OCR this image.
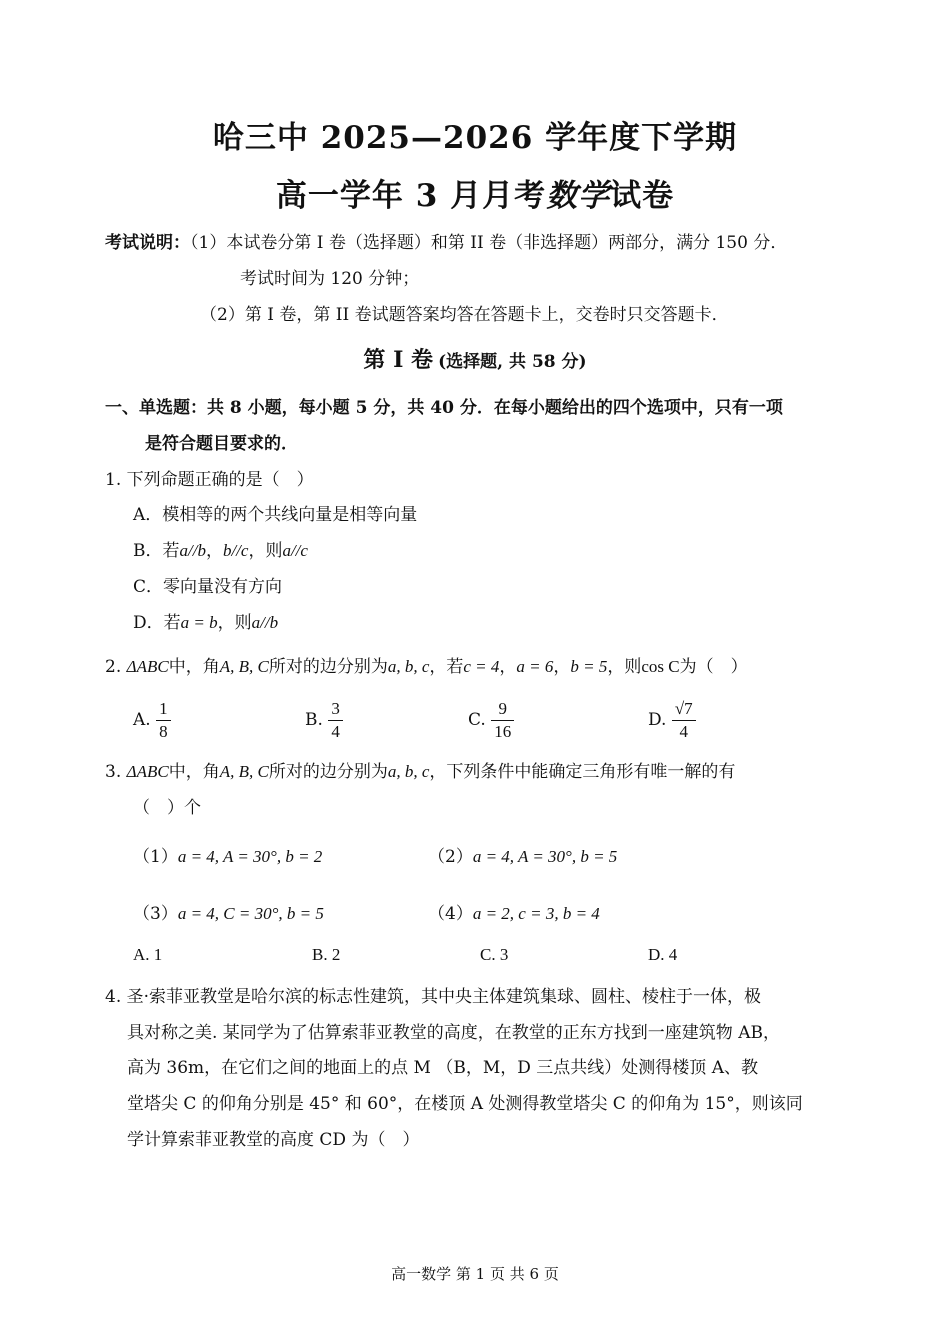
哈三中 2025—2026 学年度下学期
高一学年 3 月月考数学试卷
考试说明：（1）本试卷分第 I 卷（选择题）和第 II 卷（非选择题）两部分，满分 150 分．
考试时间为 120 分钟；
（2）第 I 卷，第 II 卷试题答案均答在答题卡上，交卷时只交答题卡．
第 I 卷 (选择题, 共 58 分)
一、单选题：共 8 小题，每小题 5 分，共 40 分．在每小题给出的四个选项中，只有一项
是符合题目要求的．
1. 下列命题正确的是（　）
A．模相等的两个共线向量是相等向量
B．若a//b，b//c，则a//c
C．零向量没有方向
D．若a = b，则a//b
2. ΔABC中，角A, B, C所对的边分别为a, b, c，若c = 4，a = 6，b = 5，则cos C为（　）
A. $\frac{1}{8}$	B. $\frac{3}{4}$	C. $\frac{9}{16}$	D. $\frac{√7}{4}$
3. ΔABC中，角A, B, C所对的边分别为a, b, c，下列条件中能确定三角形有唯一解的有
（　）个
（1）a = 4, A = 30°, b = 2	（2）a = 4, A = 30°, b = 5
（3）a = 4, C = 30°, b = 5	（4）a = 2, c = 3, b = 4
A. 1	B. 2	C. 3	D. 4
4. 圣·索菲亚教堂是哈尔滨的标志性建筑，其中央主体建筑集球、圆柱、棱柱于一体，极
具对称之美. 某同学为了估算索菲亚教堂的高度，在教堂的正东方找到一座建筑物 AB，
高为 36m，在它们之间的地面上的点 M （B，M，D 三点共线）处测得楼顶 A、教
堂塔尖 C 的仰角分别是 45° 和 60°，在楼顶 A 处测得教堂塔尖 C 的仰角为 15°，则该同
学计算索菲亚教堂的高度 CD 为（　）
高一数学 第 1 页 共 6 页
